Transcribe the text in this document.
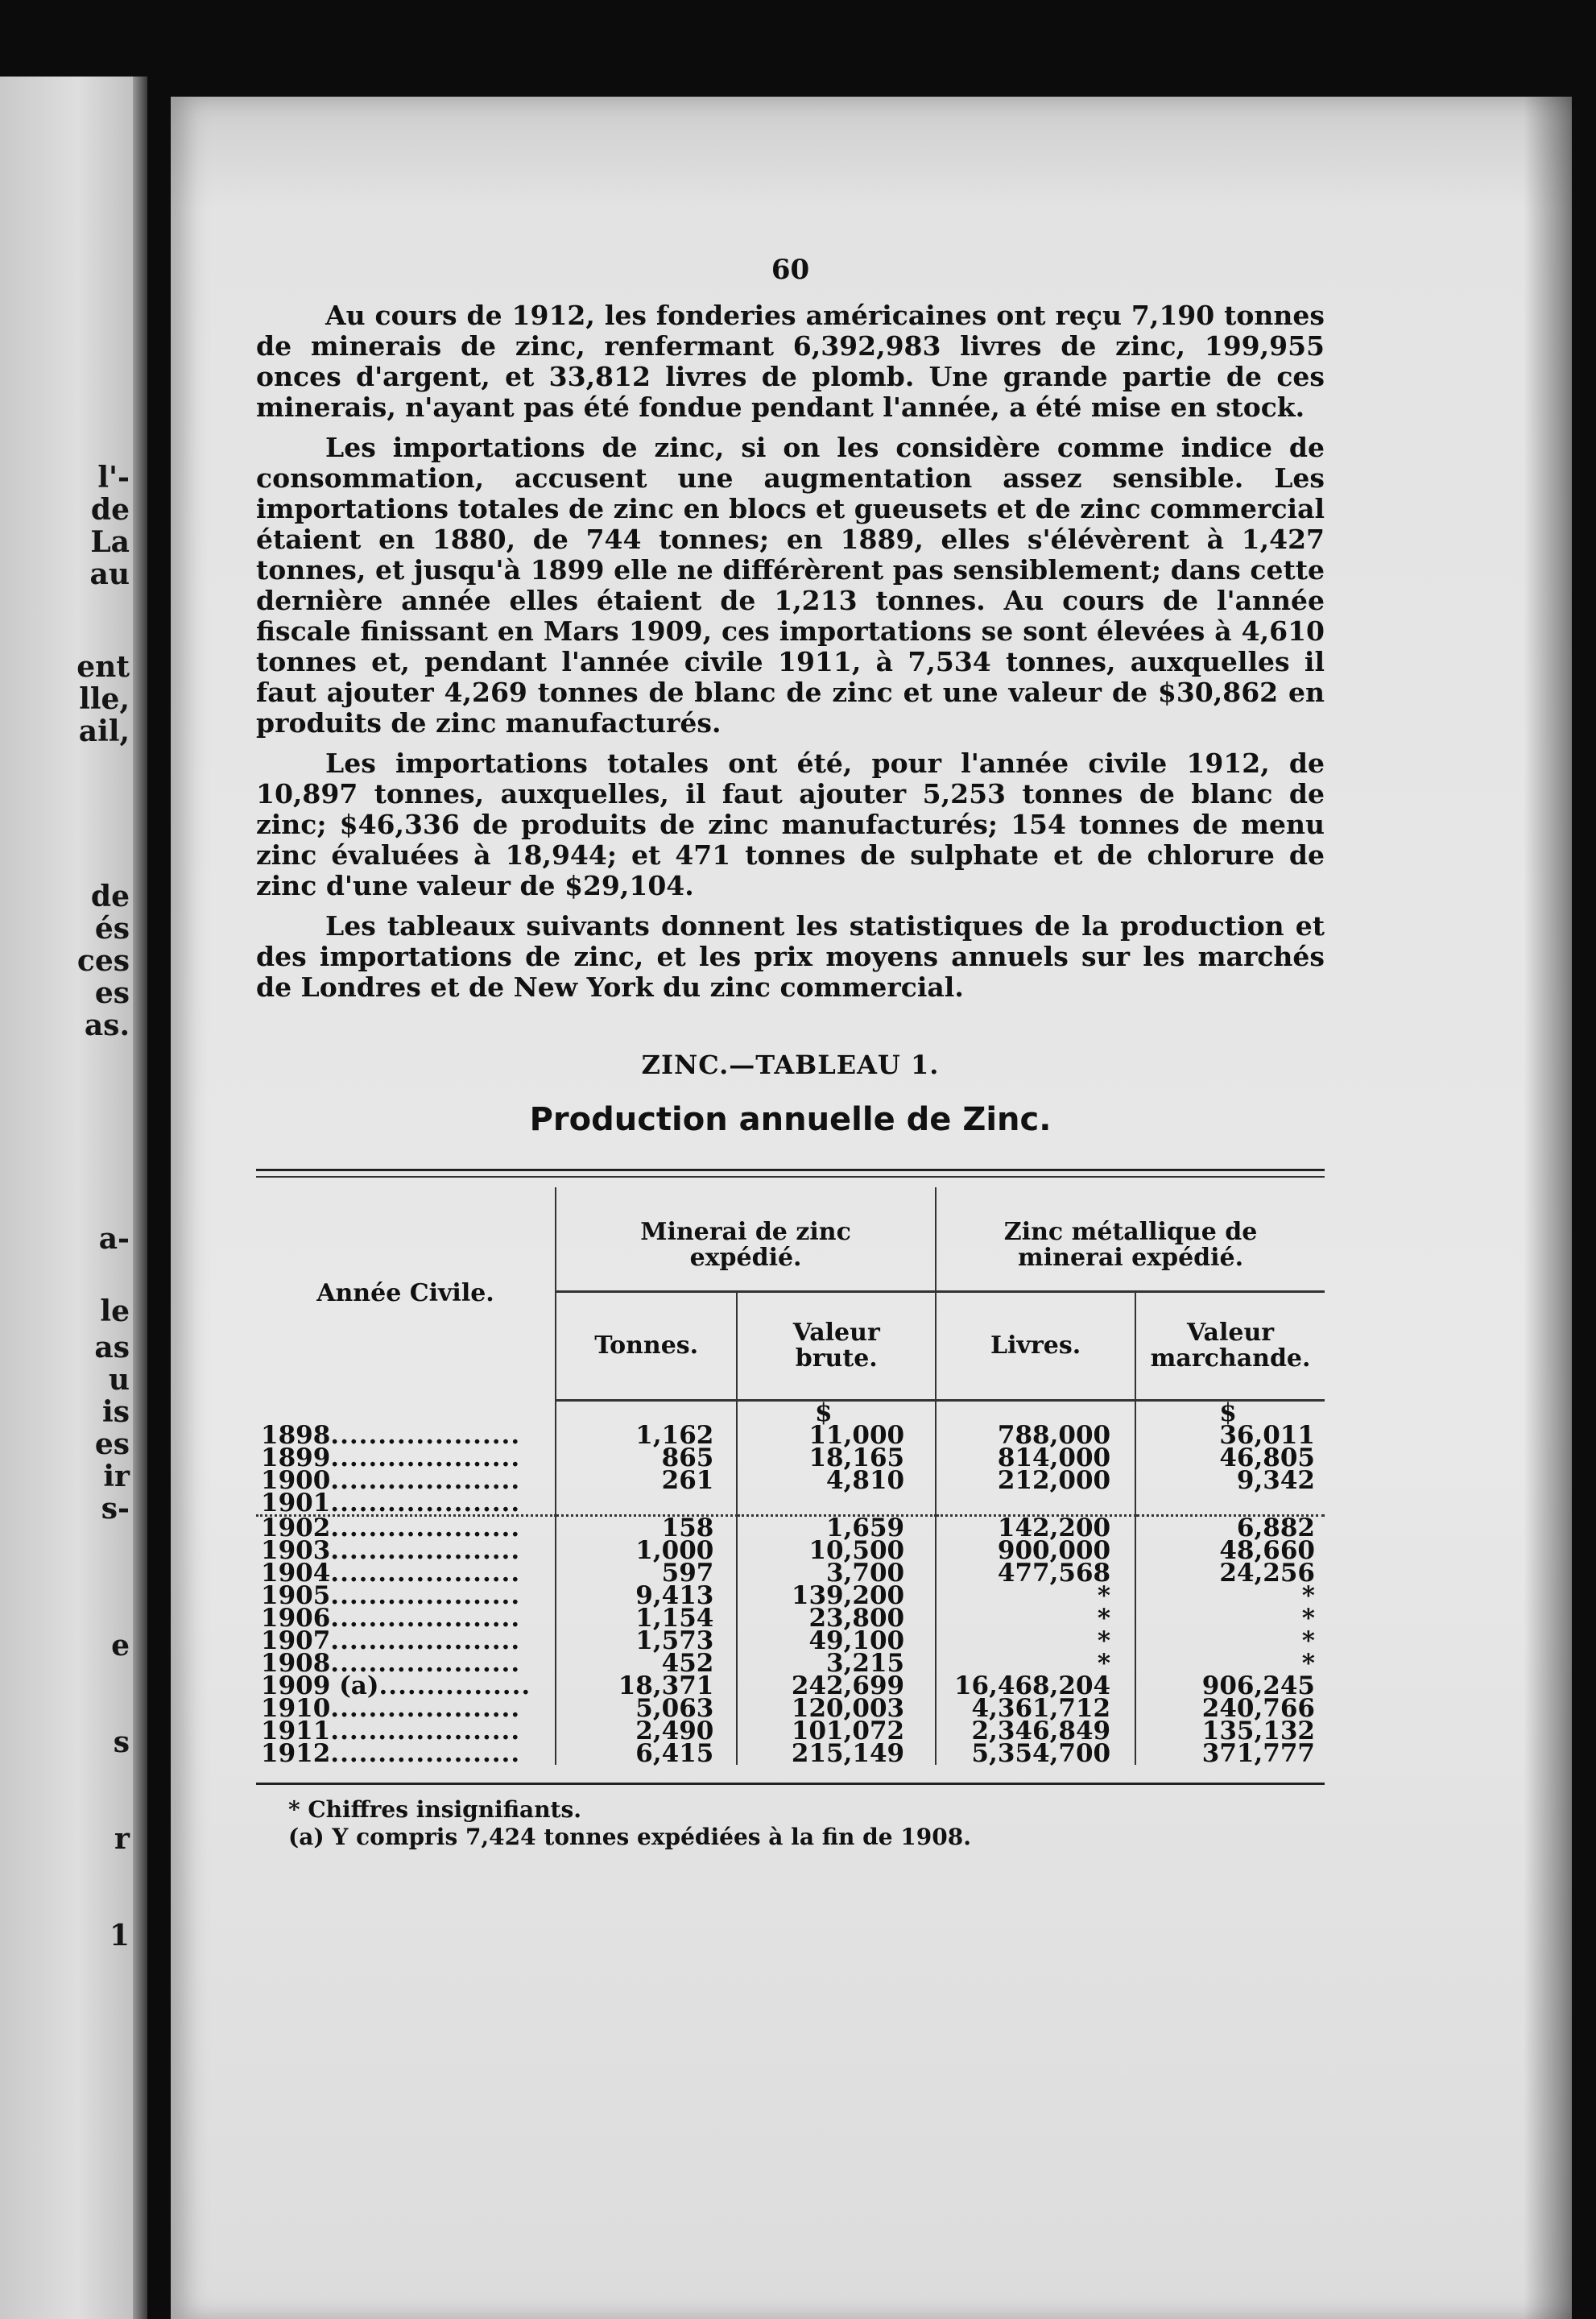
l'-
de
La
au
ent
lle,
ail,
de
és
ces
es
as.
a-
le
as
u
is
es
ir
s-
e
s
r
1
60

Au cours de 1912, les fonderies américaines ont reçu 7,190 tonnes de minerais de zinc, renfermant 6,392,983 livres de zinc, 199,955 onces d'argent, et 33,812 livres de plomb. Une grande partie de ces minerais, n'ayant pas été fondue pendant l'année, a été mise en stock.

Les importations de zinc, si on les considère comme indice de consommation, accusent une augmentation assez sensible. Les importations totales de zinc en blocs et gueusets et de zinc commercial étaient en 1880, de 744 tonnes; en 1889, elles s'élévèrent à 1,427 tonnes, et jusqu'à 1899 elle ne différèrent pas sensiblement; dans cette dernière année elles étaient de 1,213 tonnes. Au cours de l'année fiscale finissant en Mars 1909, ces importations se sont élevées à 4,610 tonnes et, pendant l'année civile 1911, à 7,534 tonnes, auxquelles il faut ajouter 4,269 tonnes de blanc de zinc et une valeur de $30,862 en produits de zinc manufacturés.

Les importations totales ont été, pour l'année civile 1912, de 10,897 tonnes, auxquelles, il faut ajouter 5,253 tonnes de blanc de zinc; $46,336 de produits de zinc manufacturés; 154 tonnes de menu zinc évaluées à 18,944; et 471 tonnes de sulphate et de chlorure de zinc d'une valeur de $29,104.

Les tableaux suivants donnent les statistiques de la production et des importations de zinc, et les prix moyens annuels sur les marchés de Londres et de New York du zinc commercial.

ZINC.—TABLEAU 1.
Production annuelle de Zinc.
Année Civile.	Minerai de zinc expédié.		Zinc métallique de minerai expédié.	
	Tonnes.	Valeur brute.	Livres.	Valeur marchande.
		$		$
1898....................	1,162	11,000	788,000	36,011
1899....................	865	18,165	814,000	46,805
1900....................	261	4,810	212,000	9,342
1901....................				
1902....................	158	1,659	142,200	6,882
1903....................	1,000	10,500	900,000	48,660
1904....................	597	3,700	477,568	24,256
1905....................	9,413	139,200	*	*
1906....................	1,154	23,800	*	*
1907....................	1,573	49,100	*	*
1908....................	452	3,215	*	*
1909 (a)................	18,371	242,699	16,468,204	906,245
1910....................	5,063	120,003	4,361,712	240,766
1911....................	2,490	101,072	2,346,849	135,132
1912....................	6,415	215,149	5,354,700	371,777
* Chiffres insignifiants.
(a) Y compris 7,424 tonnes expédiées à la fin de 1908.
